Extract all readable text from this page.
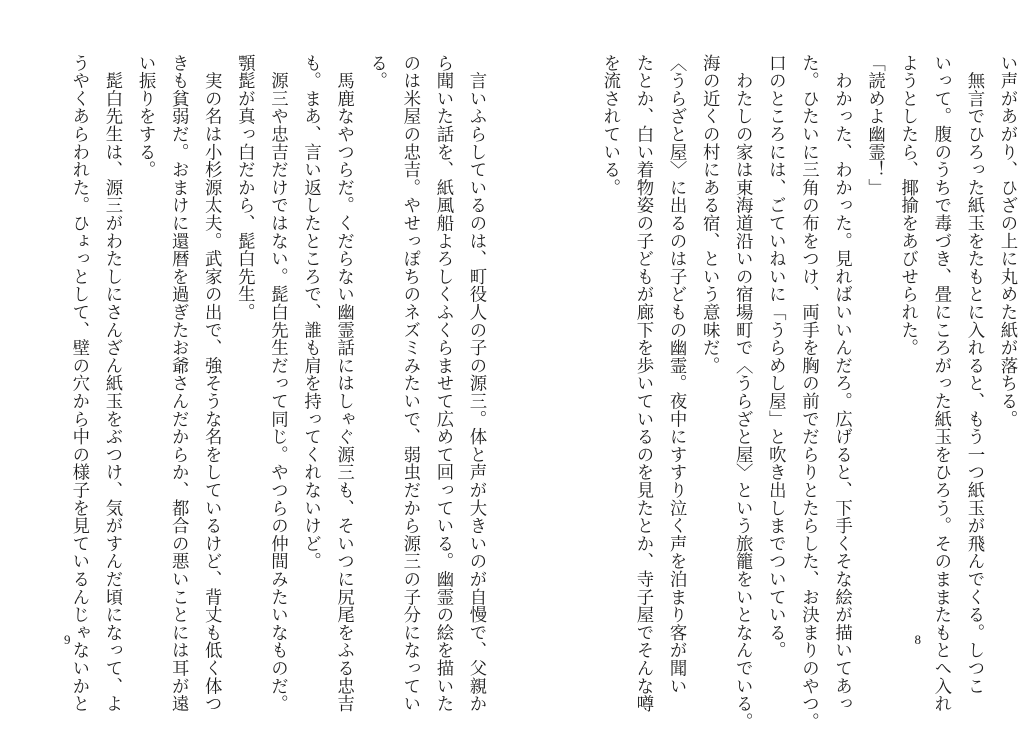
い声があがり、ひざの上に丸めた紙が落ちる。
　無言でひろった紙玉をたもとに入れると、もう一つ紙玉が飛んでくる。しつこ
いって。腹のうちで毒づき、畳にころがった紙玉をひろう。そのままたもとへ入れ
ようとしたら、揶揄をあびせられた。
「読めよ幽霊！」
　わかった、わかった。見ればいいんだろ。広げると、下手くそな絵が描いてあっ
た。ひたいに三角の布をつけ、両手を胸の前でだらりとたらした、お決まりのやつ。
口のところには、ごていねいに「うらめし屋」と吹き出しまでついている。
　わたしの家は東海道沿いの宿場町で〈うらざと屋〉という旅籠をいとなんでいる。
海の近くの村にある宿、という意味だ。
〈うらざと屋〉に出るのは子どもの幽霊。夜中にすすり泣く声を泊まり客が聞い
たとか、白い着物姿の子どもが廊下を歩いているのを見たとか、寺子屋でそんな噂
を流されている。
8
　言いふらしているのは、町役人の子の源三。体と声が大きいのが自慢で、父親か
ら聞いた話を、紙風船よろしくふくらませて広めて回っている。幽霊の絵を描いた
のは米屋の忠吉。やせっぽちのネズミみたいで、弱虫だから源三の子分になってい
る。
　馬鹿なやつらだ。くだらない幽霊話にはしゃぐ源三も、そいつに尻尾をふる忠吉
も。まあ、言い返したところで、誰も肩を持ってくれないけど。
　源三や忠吉だけではない。髭白先生だって同じ。やつらの仲間みたいなものだ。
顎髭が真っ白だから、髭白先生。
　実の名は小杉源太夫。武家の出で、強そうな名をしているけど、背丈も低く体つ
きも貧弱だ。おまけに還暦を過ぎたお爺さんだからか、都合の悪いことには耳が遠
い振りをする。
　髭白先生は、源三がわたしにさんざん紙玉をぶつけ、気がすんだ頃になって、よ
うやくあらわれた。ひょっとして、壁の穴から中の様子を見ているんじゃないかと
9
